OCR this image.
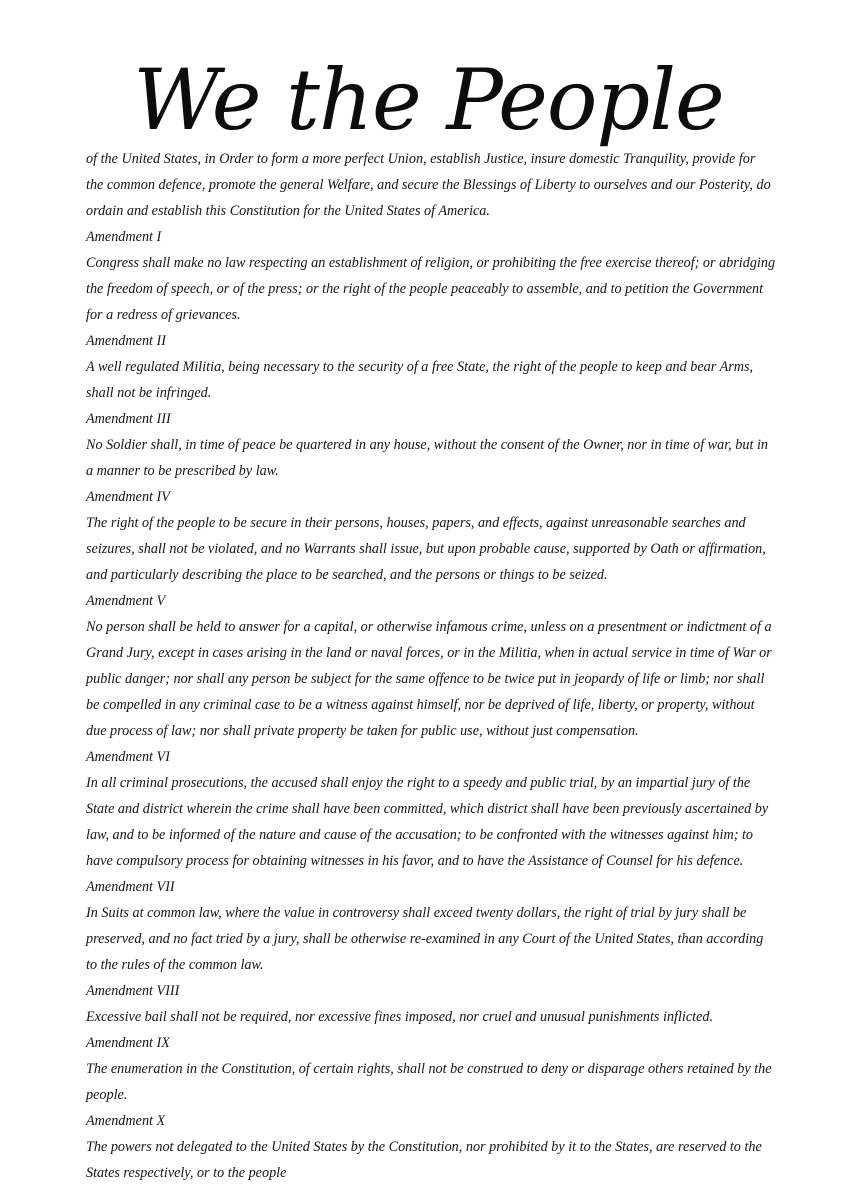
We the People

of the United States, in Order to form a more perfect Union, establish Justice, insure domestic Tranquility, provide for the common defence, promote the general Welfare, and secure the Blessings of Liberty to ourselves and our Posterity, do ordain and establish this Constitution for the United States of America.

Amendment I

Congress shall make no law respecting an establishment of religion, or prohibiting the free exercise thereof; or abridging the freedom of speech, or of the press; or the right of the people peaceably to assemble, and to petition the Government for a redress of grievances.

Amendment II

A well regulated Militia, being necessary to the security of a free State, the right of the people to keep and bear Arms, shall not be infringed.

Amendment III

No Soldier shall, in time of peace be quartered in any house, without the consent of the Owner, nor in time of war, but in a manner to be prescribed by law.

Amendment IV

The right of the people to be secure in their persons, houses, papers, and effects, against unreasonable searches and seizures, shall not be violated, and no Warrants shall issue, but upon probable cause, supported by Oath or affirmation, and particularly describing the place to be searched, and the persons or things to be seized.

Amendment V

No person shall be held to answer for a capital, or otherwise infamous crime, unless on a presentment or indictment of a Grand Jury, except in cases arising in the land or naval forces, or in the Militia, when in actual service in time of War or public danger; nor shall any person be subject for the same offence to be twice put in jeopardy of life or limb; nor shall be compelled in any criminal case to be a witness against himself, nor be deprived of life, liberty, or property, without due process of law; nor shall private property be taken for public use, without just compensation.

Amendment VI

In all criminal prosecutions, the accused shall enjoy the right to a speedy and public trial, by an impartial jury of the State and district wherein the crime shall have been committed, which district shall have been previously ascertained by law, and to be informed of the nature and cause of the accusation; to be confronted with the witnesses against him; to have compulsory process for obtaining witnesses in his favor, and to have the Assistance of Counsel for his defence.

Amendment VII

In Suits at common law, where the value in controversy shall exceed twenty dollars, the right of trial by jury shall be preserved, and no fact tried by a jury, shall be otherwise re-examined in any Court of the United States, than according to the rules of the common law.

Amendment VIII

Excessive bail shall not be required, nor excessive fines imposed, nor cruel and unusual punishments inflicted.

Amendment IX

The enumeration in the Constitution, of certain rights, shall not be construed to deny or disparage others retained by the people.

Amendment X

The powers not delegated to the United States by the Constitution, nor prohibited by it to the States, are reserved to the States respectively, or to the people
